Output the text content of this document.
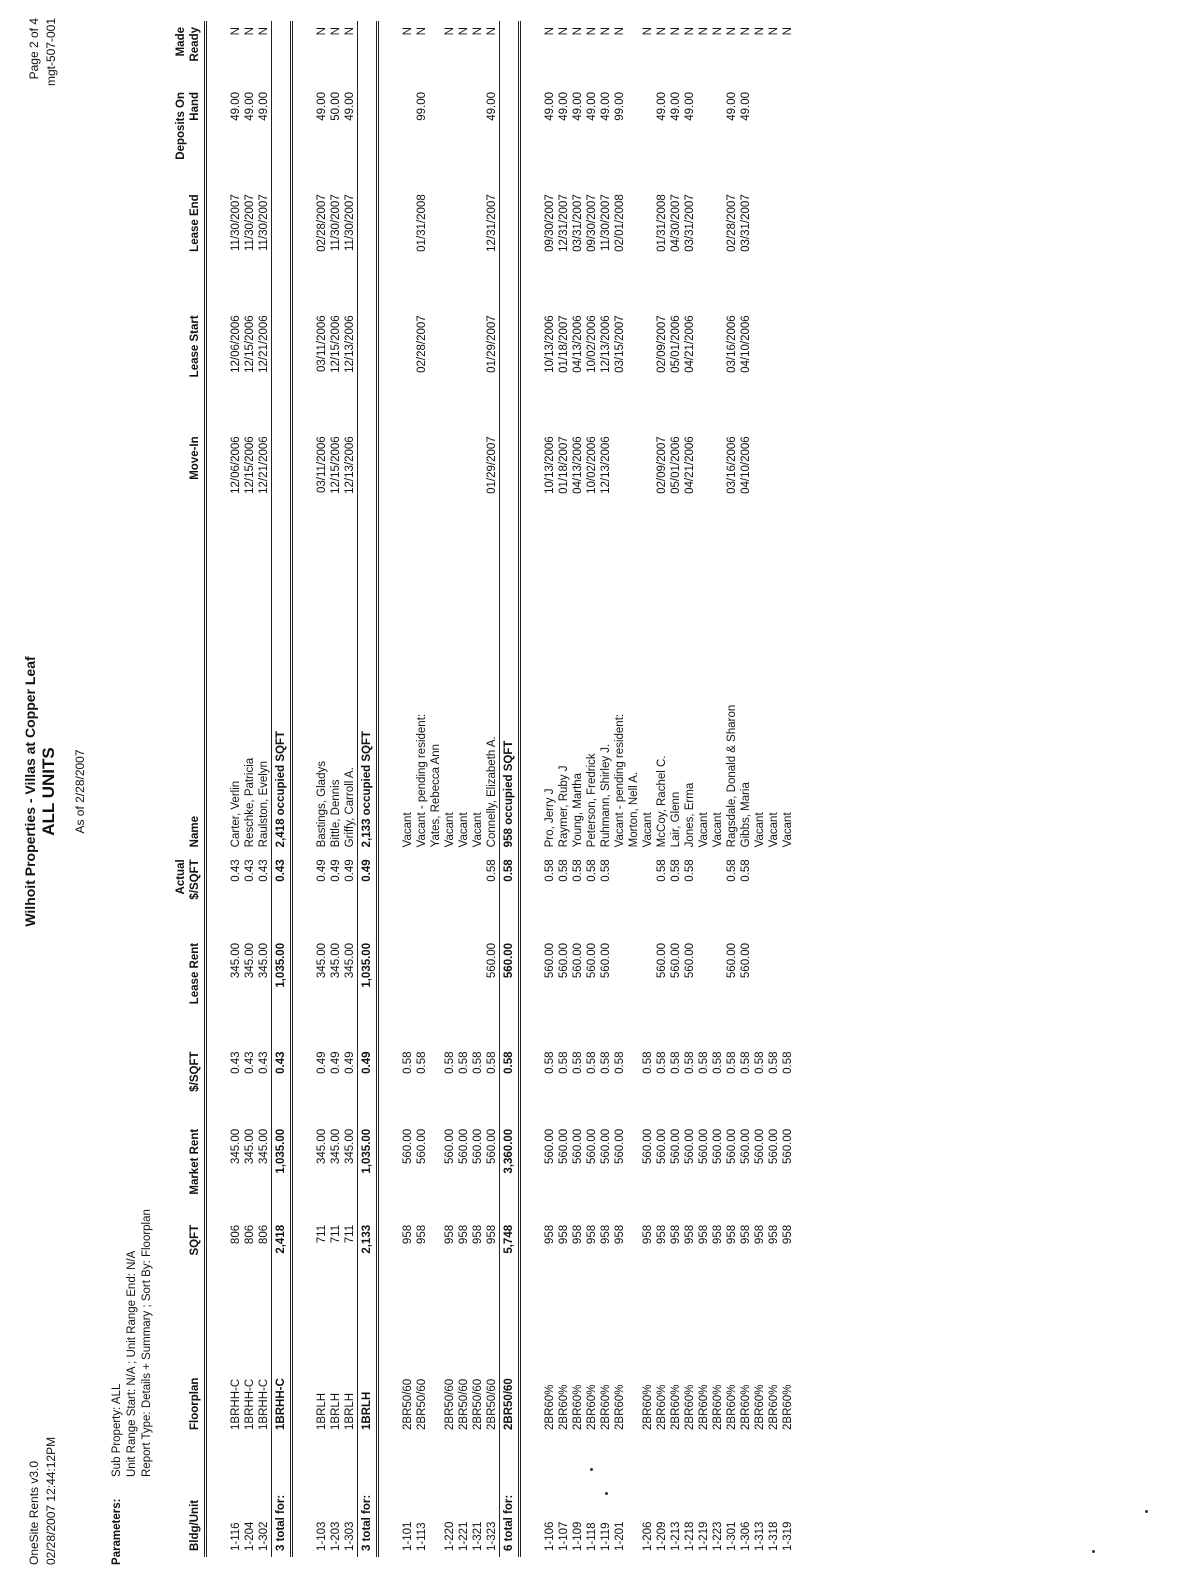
OneSite Rents v3.0 02/28/2007 12:44:12PM
Wilhoit Properties - Villas at Copper Leaf ALL UNITS As of 2/28/2007
Page 2 of 4 mgt-507-001
Parameters:
Sub Property: ALL Unit Range Start: N/A ; Unit Range End: N/A Report Type: Details + Summary ; Sort By: Floorplan
Bldg/Unit	Floorplan	SQFT	Market Rent	$/SQFT	Lease Rent	Actual $/SQFT	Name	Move-In	Lease Start	Lease End	Deposits On Hand	Made Ready

1-116	1BRHH-C	806	345.00	0.43	345.00	0.43	Carter, Verlin	12/06/2006	12/06/2006	11/30/2007	49.00	N
1-204	1BRHH-C	806	345.00	0.43	345.00	0.43	Reschke, Patricia	12/15/2006	12/15/2006	11/30/2007	49.00	N
1-302	1BRHH-C	806	345.00	0.43	345.00	0.43	Raulston, Evelyn	12/21/2006	12/21/2006	11/30/2007	49.00	N
3 total for:	1BRHH-C	2,418	1,035.00	0.43	1,035.00	0.43	2,418 occupied SQFT					

1-103	1BRLH	711	345.00	0.49	345.00	0.49	Bastings, Gladys	03/11/2006	03/11/2006	02/28/2007	49.00	N
1-203	1BRLH	711	345.00	0.49	345.00	0.49	Bittle, Dennis	12/15/2006	12/15/2006	11/30/2007	50.00	N
1-303	1BRLH	711	345.00	0.49	345.00	0.49	Griffy, Carroll A.	12/13/2006	12/13/2006	11/30/2007	49.00	N
3 total for:	1BRLH	2,133	1,035.00	0.49	1,035.00	0.49	2,133 occupied SQFT					

1-101	2BR50/60	958	560.00	0.58			Vacant					N
1-113	2BR50/60	958	560.00	0.58			Vacant - pending resident:		02/28/2007	01/31/2008	99.00	N
							Yates, Rebecca Ann					
1-220	2BR50/60	958	560.00	0.58			Vacant					N
1-221	2BR50/60	958	560.00	0.58			Vacant					N
1-321	2BR50/60	958	560.00	0.58			Vacant					N
1-323	2BR50/60	958	560.00	0.58	560.00	0.58	Connelly, Elizabeth A.	01/29/2007	01/29/2007	12/31/2007	49.00	N
6 total for:	2BR50/60	5,748	3,360.00	0.58	560.00	0.58	958 occupied SQFT					

1-106	2BR60%	958	560.00	0.58	560.00	0.58	Pro, Jerry J	10/13/2006	10/13/2006	09/30/2007	49.00	N
1-107	2BR60%	958	560.00	0.58	560.00	0.58	Raymer, Ruby J	01/18/2007	01/18/2007	12/31/2007	49.00	N
1-109	2BR60%	958	560.00	0.58	560.00	0.58	Young, Martha	04/13/2006	04/13/2006	03/31/2007	49.00	N
1-118	2BR60%	958	560.00	0.58	560.00	0.58	Peterson, Fredrick	10/02/2006	10/02/2006	09/30/2007	49.00	N
1-119	2BR60%	958	560.00	0.58	560.00	0.58	Ruhmann, Shirley J.	12/13/2006	12/13/2006	11/30/2007	49.00	N
1-201	2BR60%	958	560.00	0.58			Vacant - pending resident:		03/15/2007	02/01/2008	99.00	N
							Morton, Nell A.					
1-206	2BR60%	958	560.00	0.58			Vacant					N
1-209	2BR60%	958	560.00	0.58	560.00	0.58	McCoy, Rachel C.	02/09/2007	02/09/2007	01/31/2008	49.00	N
1-213	2BR60%	958	560.00	0.58	560.00	0.58	Lair, Glenn	05/01/2006	05/01/2006	04/30/2007	49.00	N
1-218	2BR60%	958	560.00	0.58	560.00	0.58	Jones, Erma	04/21/2006	04/21/2006	03/31/2007	49.00	N
1-219	2BR60%	958	560.00	0.58			Vacant					N
1-223	2BR60%	958	560.00	0.58			Vacant					N
1-301	2BR60%	958	560.00	0.58	560.00	0.58	Ragsdale, Donald & Sharon	03/16/2006	03/16/2006	02/28/2007	49.00	N
1-306	2BR60%	958	560.00	0.58	560.00	0.58	Gibbs, Maria	04/10/2006	04/10/2006	03/31/2007	49.00	N
1-313	2BR60%	958	560.00	0.58			Vacant					N
1-318	2BR60%	958	560.00	0.58			Vacant					N
1-319	2BR60%	958	560.00	0.58			Vacant					N
